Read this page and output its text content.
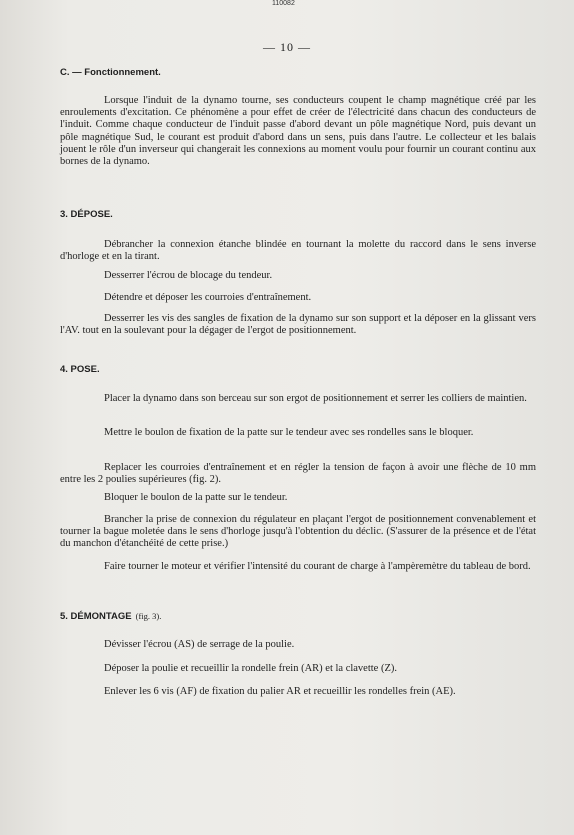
110082
— 10 —
C. — Fonctionnement.
Lorsque l'induit de la dynamo tourne, ses conducteurs coupent le champ magnétique créé par les enroulements d'excitation. Ce phénomène a pour effet de créer de l'électricité dans chacun des conducteurs de l'induit. Comme chaque conducteur de l'induit passe d'abord devant un pôle magnétique Nord, puis devant un pôle magnétique Sud, le courant est produit d'abord dans un sens, puis dans l'autre. Le collecteur et les balais jouent le rôle d'un inverseur qui changerait les connexions au moment voulu pour fournir un courant continu aux bornes de la dynamo.
3. DÉPOSE.
Débrancher la connexion étanche blindée en tournant la molette du raccord dans le sens inverse d'horloge et en la tirant.
Desserrer l'écrou de blocage du tendeur.
Détendre et déposer les courroies d'entraînement.
Desserrer les vis des sangles de fixation de la dynamo sur son support et la déposer en la glissant vers l'AV. tout en la soulevant pour la dégager de l'ergot de positionnement.
4. POSE.
Placer la dynamo dans son berceau sur son ergot de positionnement et serrer les colliers de maintien.
Mettre le boulon de fixation de la patte sur le tendeur avec ses rondelles sans le bloquer.
Replacer les courroies d'entraînement et en régler la tension de façon à avoir une flèche de 10 mm entre les 2 poulies supérieures (fig. 2).
Bloquer le boulon de la patte sur le tendeur.
Brancher la prise de connexion du régulateur en plaçant l'ergot de positionnement convenablement et tourner la bague moletée dans le sens d'horloge jusqu'à l'obtention du déclic. (S'assurer de la présence et de l'état du manchon d'étanchéité de cette prise.)
Faire tourner le moteur et vérifier l'intensité du courant de charge à l'ampèremètre du tableau de bord.
5. DÉMONTAGE (fig. 3).
Dévisser l'écrou (AS) de serrage de la poulie.
Déposer la poulie et recueillir la rondelle frein (AR) et la clavette (Z).
Enlever les 6 vis (AF) de fixation du palier AR et recueillir les rondelles frein (AE).
